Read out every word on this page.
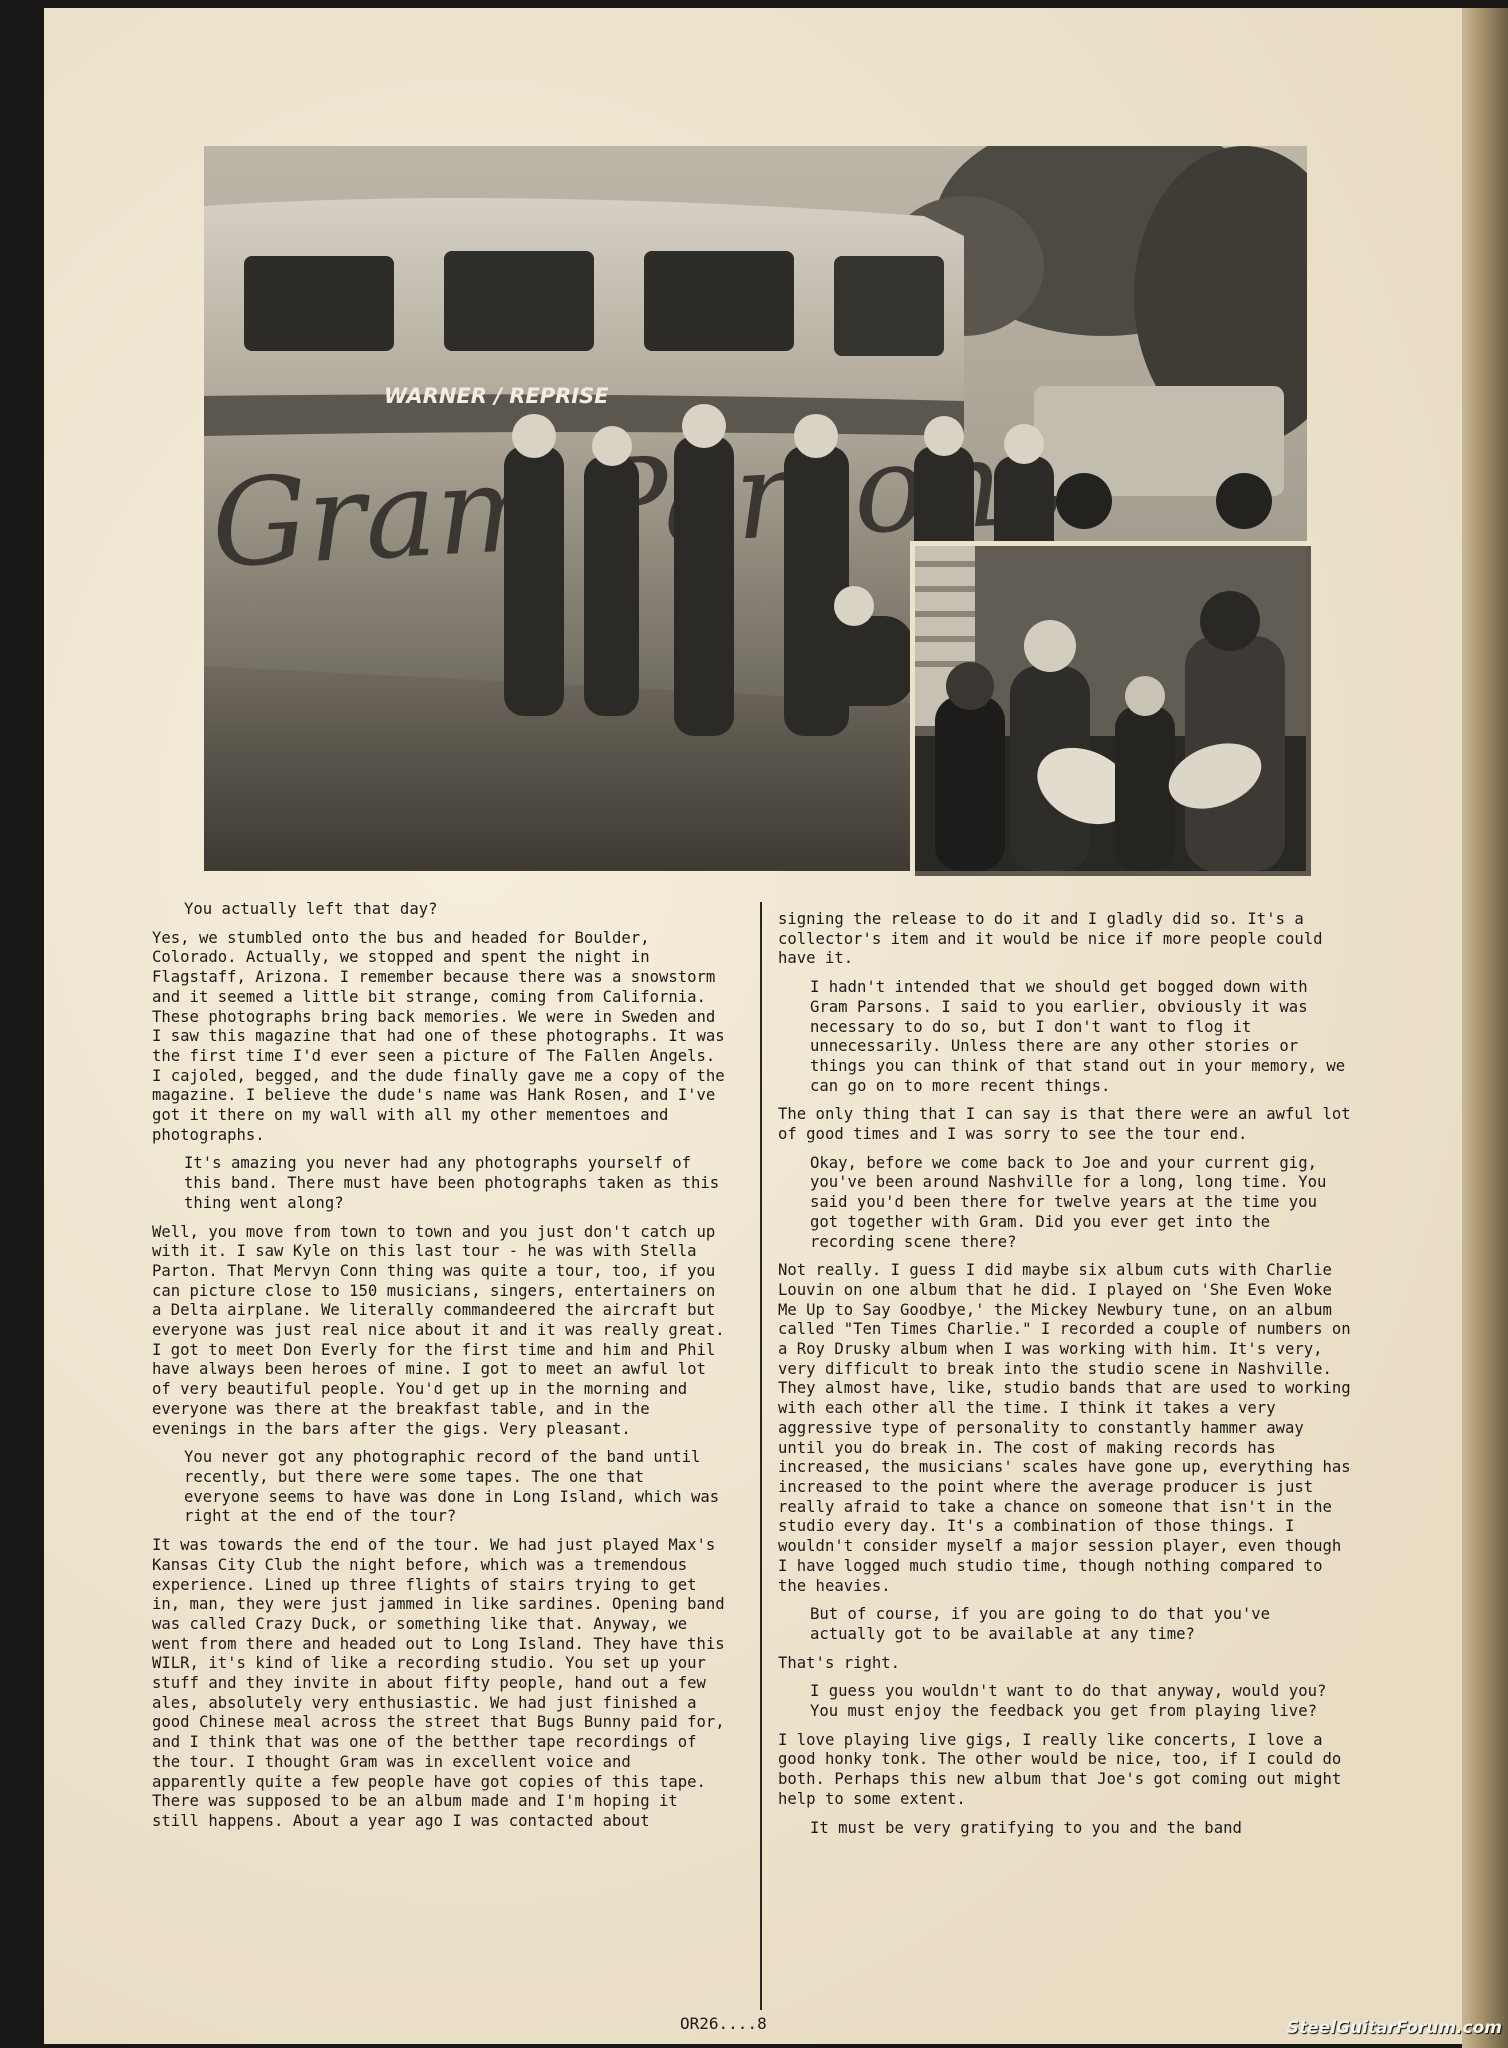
WARNER / REPRISE
Gram

You actually left that day?

Yes, we stumbled onto the bus and headed for Boulder, Colorado. Actually, we stopped and spent the night in Flagstaff, Arizona. I remember because there was a snowstorm and it seemed a little bit strange, coming from California. These photographs bring back memories. We were in Sweden and I saw this magazine that had one of these photographs. It was the first time I'd ever seen a picture of The Fallen Angels. I cajoled, begged, and the dude finally gave me a copy of the magazine. I believe the dude's name was Hank Rosen, and I've got it there on my wall with all my other mementoes and photographs.

It's amazing you never had any photographs yourself of this band. There must have been photographs taken as this thing went along?

Well, you move from town to town and you just don't catch up with it. I saw Kyle on this last tour - he was with Stella Parton. That Mervyn Conn thing was quite a tour, too, if you can picture close to 150 musicians, singers, entertainers on a Delta airplane. We literally commandeered the aircraft but everyone was just real nice about it and it was really great. I got to meet Don Everly for the first time and him and Phil have always been heroes of mine. I got to meet an awful lot of very beautiful people. You'd get up in the morning and everyone was there at the breakfast table, and in the evenings in the bars after the gigs. Very pleasant.

You never got any photographic record of the band until recently, but there were some tapes. The one that everyone seems to have was done in Long Island, which was right at the end of the tour?

It was towards the end of the tour. We had just played Max's Kansas City Club the night before, which was a tremendous experience. Lined up three flights of stairs trying to get in, man, they were just jammed in like sardines. Opening band was called Crazy Duck, or something like that. Anyway, we went from there and headed out to Long Island. They have this WILR, it's kind of like a recording studio. You set up your stuff and they invite in about fifty people, hand out a few ales, absolutely very enthusiastic. We had just finished a good Chinese meal across the street that Bugs Bunny paid for, and I think that was one of the betther tape recordings of the tour. I thought Gram was in excellent voice and apparently quite a few people have got copies of this tape. There was supposed to be an album made and I'm hoping it still happens. About a year ago I was contacted about

signing the release to do it and I gladly did so. It's a collector's item and it would be nice if more people could have it.

I hadn't intended that we should get bogged down with Gram Parsons. I said to you earlier, obviously it was necessary to do so, but I don't want to flog it unnecessarily. Unless there are any other stories or things you can think of that stand out in your memory, we can go on to more recent things.

The only thing that I can say is that there were an awful lot of good times and I was sorry to see the tour end.

Okay, before we come back to Joe and your current gig, you've been around Nashville for a long, long time. You said you'd been there for twelve years at the time you got together with Gram. Did you ever get into the recording scene there?

Not really. I guess I did maybe six album cuts with Charlie Louvin on one album that he did. I played on 'She Even Woke Me Up to Say Goodbye,' the Mickey Newbury tune, on an album called "Ten Times Charlie." I recorded a couple of numbers on a Roy Drusky album when I was working with him. It's very, very difficult to break into the studio scene in Nashville. They almost have, like, studio bands that are used to working with each other all the time. I think it takes a very aggressive type of personality to constantly hammer away until you do break in. The cost of making records has increased, the musicians' scales have gone up, everything has increased to the point where the average producer is just really afraid to take a chance on someone that isn't in the studio every day. It's a combination of those things. I wouldn't consider myself a major session player, even though I have logged much studio time, though nothing compared to the heavies.

But of course, if you are going to do that you've actually got to be available at any time?

That's right.

I guess you wouldn't want to do that anyway, would you? You must enjoy the feedback you get from playing live?

I love playing live gigs, I really like concerts, I love a good honky tonk. The other would be nice, too, if I could do both. Perhaps this new album that Joe's got coming out might help to some extent.

It must be very gratifying to you and the band

OR26....8	SteelGuitarForum.com
